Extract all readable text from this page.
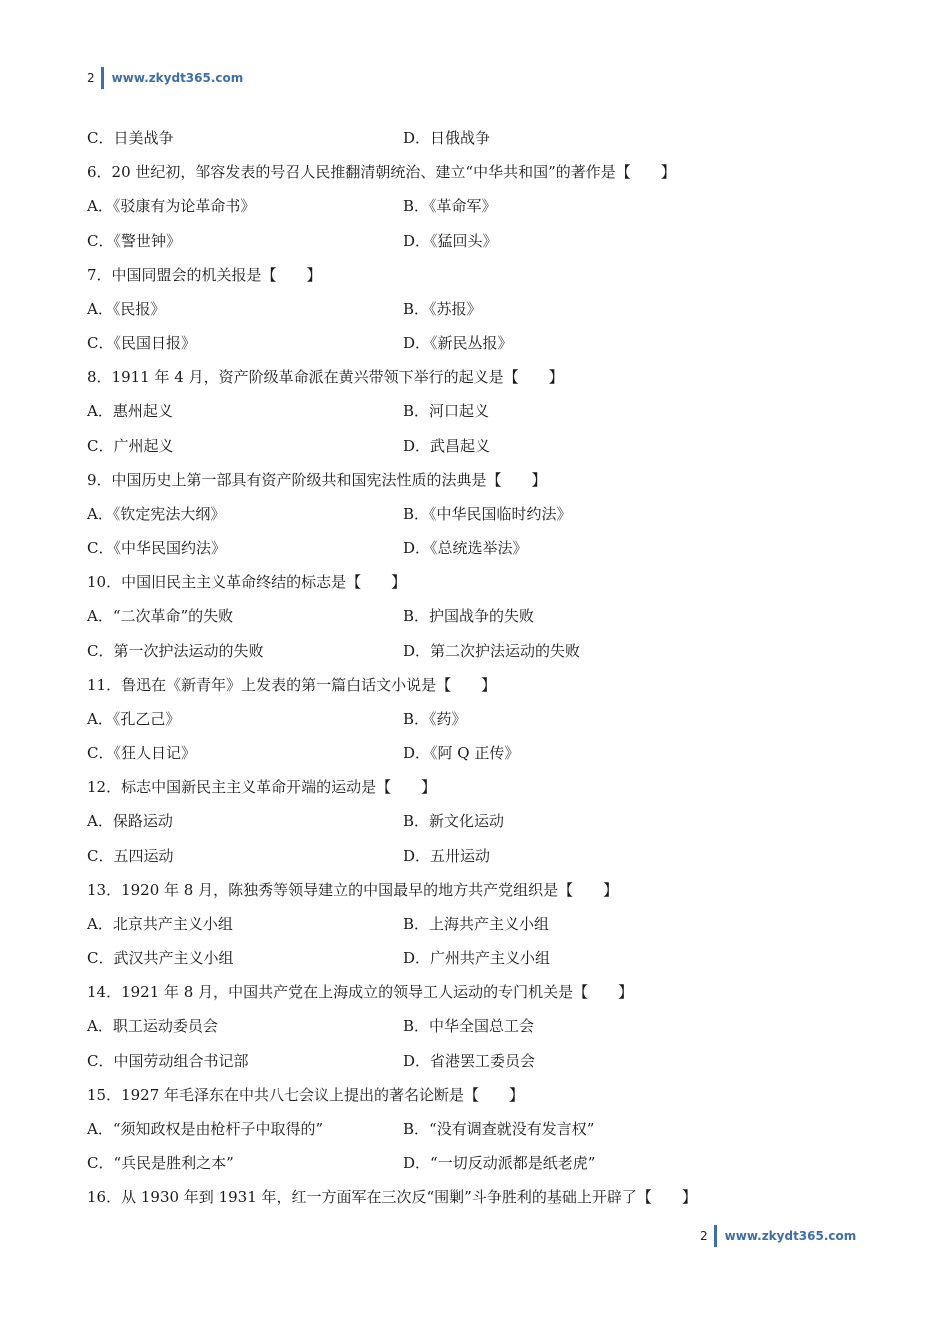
2 www.zkydt365.com
C．日美战争	D．日俄战争
6．20 世纪初，邹容发表的号召人民推翻清朝统治、建立“中华共和国”的著作是【　　】
A．《驳康有为论革命书》	B．《革命军》
C．《警世钟》	D．《猛回头》
7．中国同盟会的机关报是【　　】
A．《民报》	B．《苏报》
C．《民国日报》	D．《新民丛报》
8．1911 年 4 月，资产阶级革命派在黄兴带领下举行的起义是【　　】
A．惠州起义	B．河口起义
C．广州起义	D．武昌起义
9．中国历史上第一部具有资产阶级共和国宪法性质的法典是【　　】
A．《钦定宪法大纲》	B．《中华民国临时约法》
C．《中华民国约法》	D．《总统选举法》
10．中国旧民主主义革命终结的标志是【　　】
A．“二次革命”的失败	B．护国战争的失败
C．第一次护法运动的失败	D．第二次护法运动的失败
11．鲁迅在《新青年》上发表的第一篇白话文小说是【　　】
A．《孔乙己》	B．《药》
C．《狂人日记》	D．《阿 Q 正传》
12．标志中国新民主主义革命开端的运动是【　　】
A．保路运动	B．新文化运动
C．五四运动	D．五卅运动
13．1920 年 8 月，陈独秀等领导建立的中国最早的地方共产党组织是【　　】
A．北京共产主义小组	B．上海共产主义小组
C．武汉共产主义小组	D．广州共产主义小组
14．1921 年 8 月，中国共产党在上海成立的领导工人运动的专门机关是【　　】
A．职工运动委员会	B．中华全国总工会
C．中国劳动组合书记部	D．省港罢工委员会
15．1927 年毛泽东在中共八七会议上提出的著名论断是【　　】
A．“须知政权是由枪杆子中取得的”	B．“没有调查就没有发言权”
C．“兵民是胜利之本”	D．“一切反动派都是纸老虎”
16．从 1930 年到 1931 年，红一方面军在三次反“围剿”斗争胜利的基础上开辟了【　　】
2 www.zkydt365.com
